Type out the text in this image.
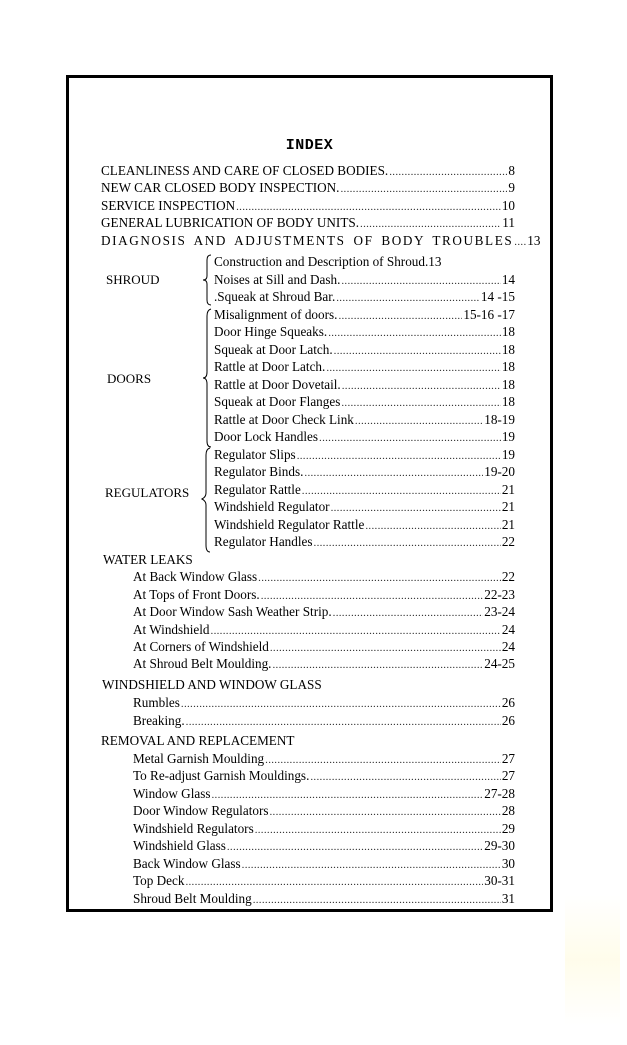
INDEX
CLEANLINESS AND CARE OF CLOSED BODIES. .....	8
NEW CAR CLOSED BODY INSPECTION. .....	9
SERVICE INSPECTION .....	10
GENERAL LUBRICATION OF BODY UNITS. .....	11
DIAGNOSIS AND ADJUSTMENTS OF BODY TROUBLES ..... 13
SHROUD
Construction and Description of Shroud.13
Noises at Sill and Dash. .....	14
.Squeak at Shroud Bar. .....	14 -15
DOORS
Misalignment of doors. .....	15-16 -17
Door Hinge Squeaks. .....	18
Squeak at Door Latch. .....	18
Rattle at Door Latch. .....	18
Rattle at Door Dovetail. .....	18
Squeak at Door Flanges .....	18
Rattle at Door Check Link .....	18-19
Door Lock Handles .....	19
REGULATORS
Regulator Slips .....	19
Regulator Binds. .....	19-20
Regulator Rattle .....	21
Windshield Regulator .....	21
Windshield Regulator Rattle .....	21
Regulator Handles .....	22
WATER LEAKS
At Back Window Glass .....	22
At Tops of Front Doors. .....	22-23
At Door Window Sash Weather Strip. .....	23-24
At Windshield .....	24
At Corners of Windshield .....	24
At Shroud Belt Moulding. .....	24-25
WINDSHIELD AND WINDOW GLASS
Rumbles .....	26
Breaking. .....	26
REMOVAL AND REPLACEMENT
Metal Garnish Moulding .....	27
To Re-adjust Garnish Mouldings. .....	27
Window Glass .....	27-28
Door Window Regulators .....	28
Windshield Regulators .....	29
Windshield Glass .....	29-30
Back Window Glass .....	30
Top Deck .....	30-31
Shroud Belt Moulding .....	31
